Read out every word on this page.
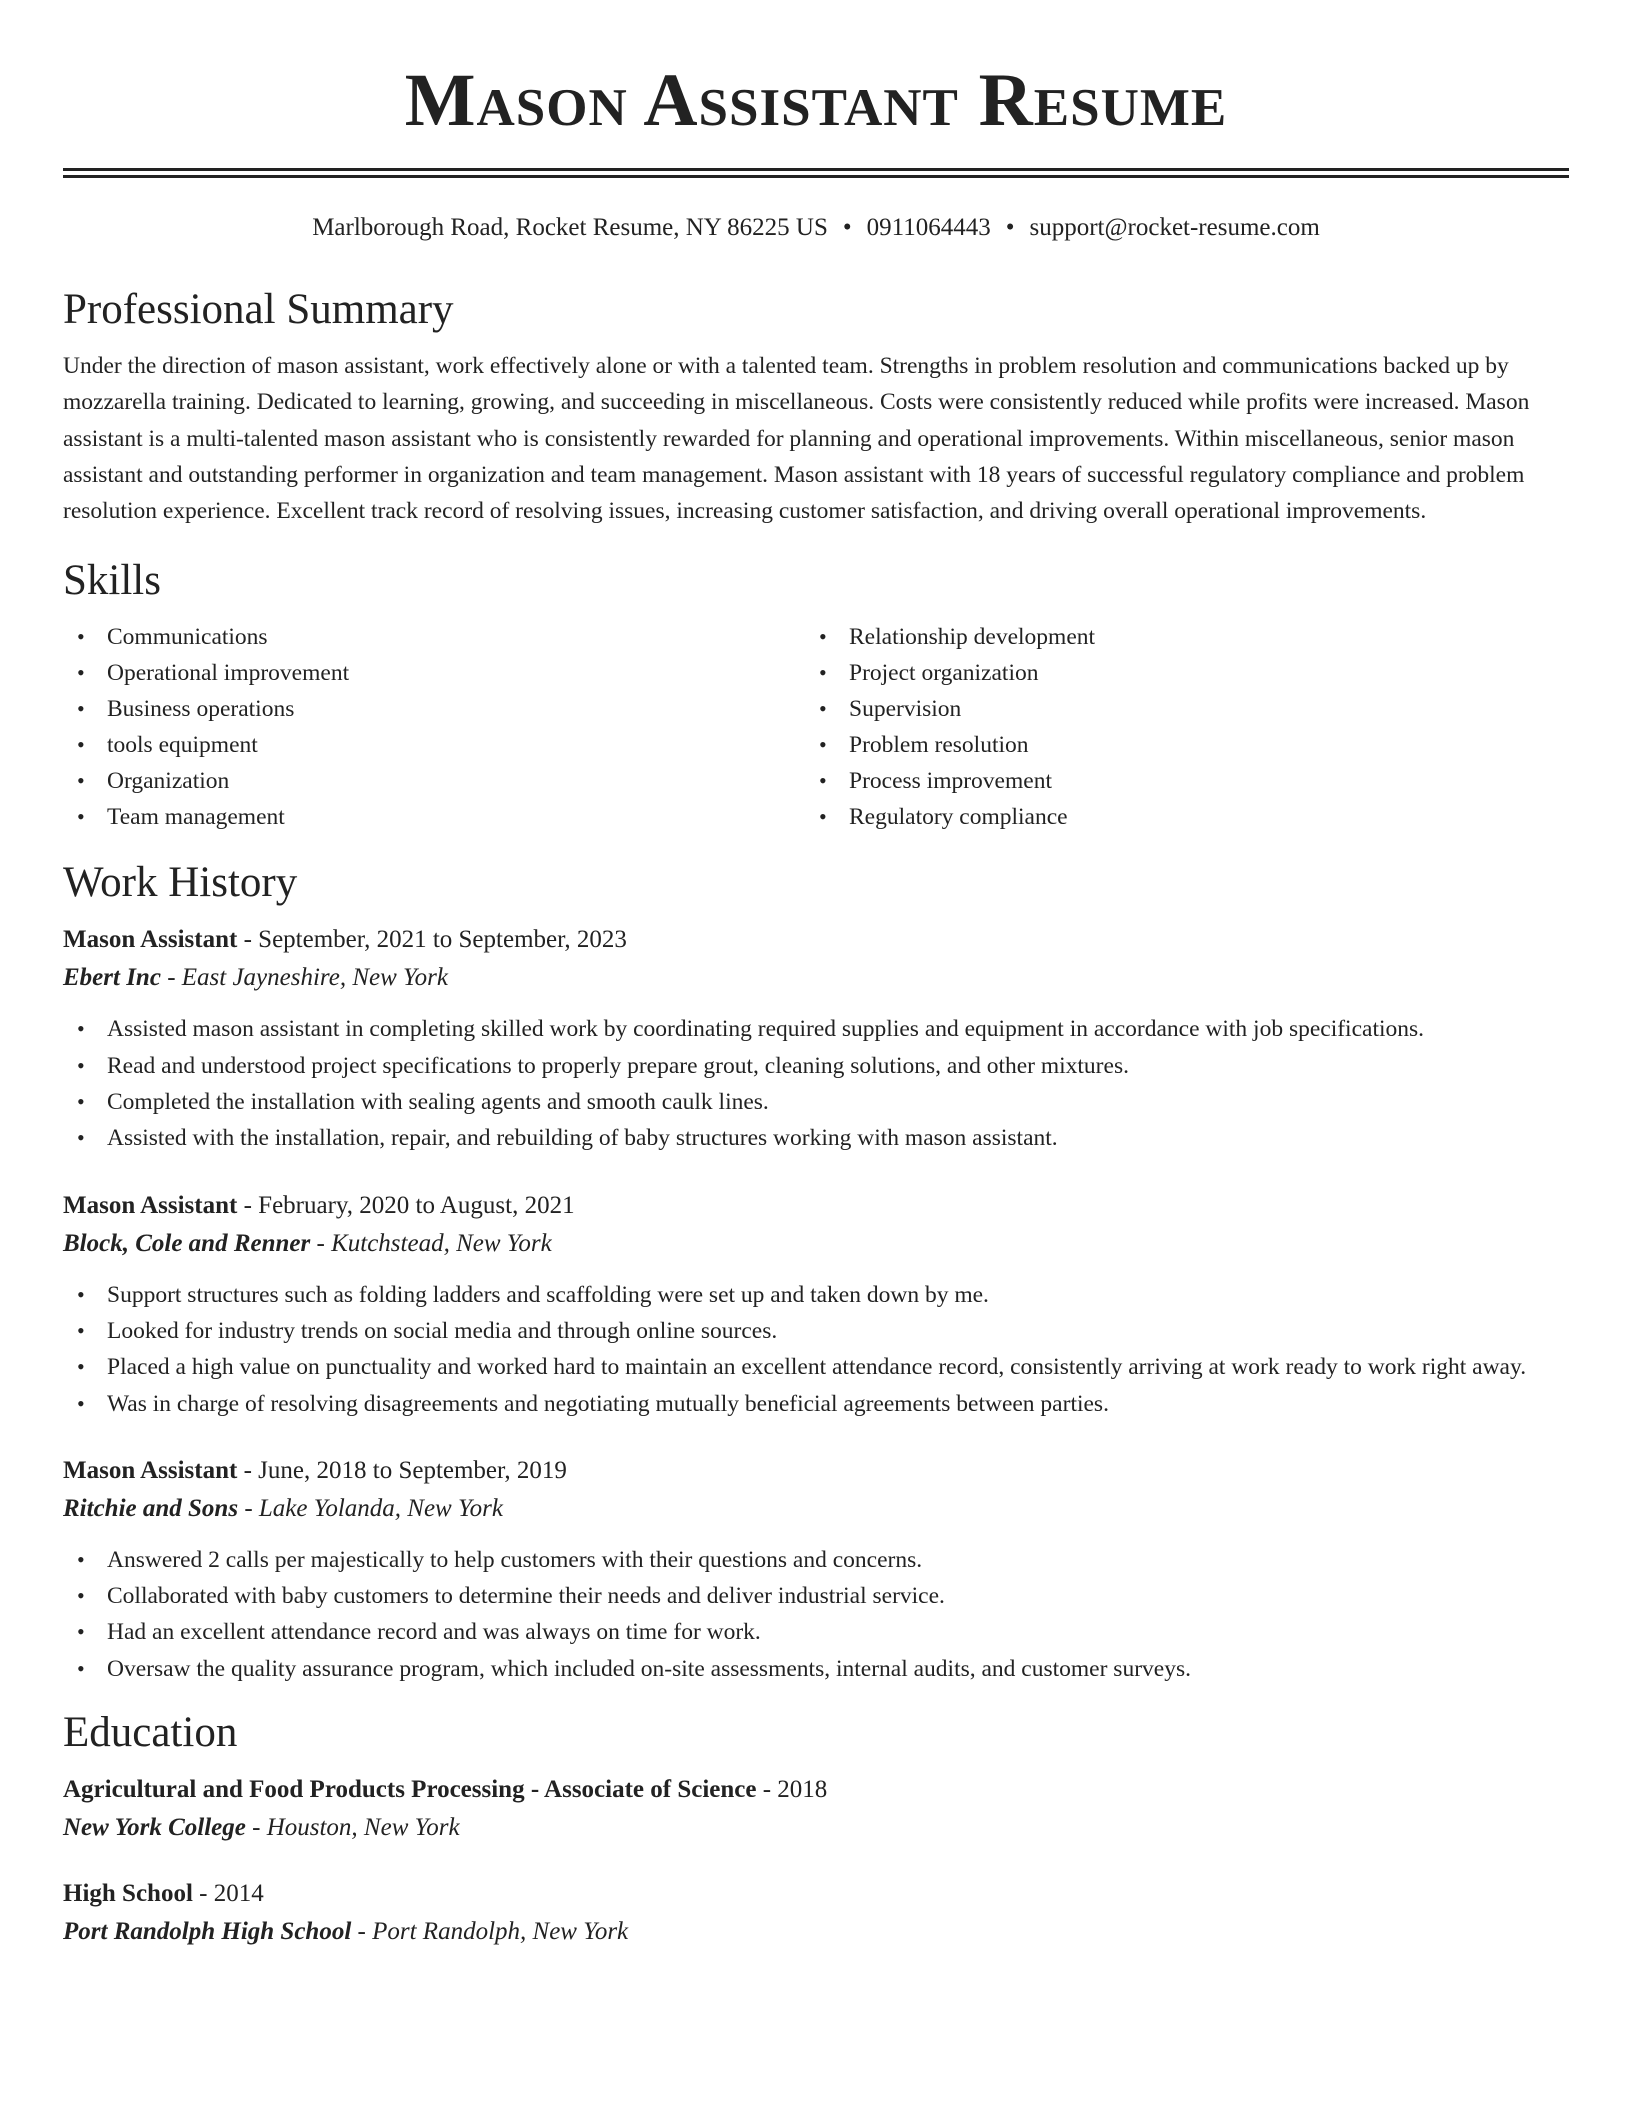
Mason Assistant Resume
Marlborough Road, Rocket Resume, NY 86225 US • 0911064443 • support@rocket-resume.com
Professional Summary

Under the direction of mason assistant, work effectively alone or with a talented team. Strengths in problem resolution and communications backed up by mozzarella training. Dedicated to learning, growing, and succeeding in miscellaneous. Costs were consistently reduced while profits were increased. Mason assistant is a multi-talented mason assistant who is consistently rewarded for planning and operational improvements. Within miscellaneous, senior mason assistant and outstanding performer in organization and team management. Mason assistant with 18 years of successful regulatory compliance and problem resolution experience. Excellent track record of resolving issues, increasing customer satisfaction, and driving overall operational improvements.

Skills
• Communications
• Operational improvement
• Business operations
• tools equipment
• Organization
• Team management
• Relationship development
• Project organization
• Supervision
• Problem resolution
• Process improvement
• Regulatory compliance
Work History
Mason Assistant - September, 2021 to September, 2023
Ebert Inc - East Jayneshire, New York
• Assisted mason assistant in completing skilled work by coordinating required supplies and equipment in accordance with job specifications.
• Read and understood project specifications to properly prepare grout, cleaning solutions, and other mixtures.
• Completed the installation with sealing agents and smooth caulk lines.
• Assisted with the installation, repair, and rebuilding of baby structures working with mason assistant.
Mason Assistant - February, 2020 to August, 2021
Block, Cole and Renner - Kutchstead, New York
• Support structures such as folding ladders and scaffolding were set up and taken down by me.
• Looked for industry trends on social media and through online sources.
• Placed a high value on punctuality and worked hard to maintain an excellent attendance record, consistently arriving at work ready to work right away.
• Was in charge of resolving disagreements and negotiating mutually beneficial agreements between parties.
Mason Assistant - June, 2018 to September, 2019
Ritchie and Sons - Lake Yolanda, New York
• Answered 2 calls per majestically to help customers with their questions and concerns.
• Collaborated with baby customers to determine their needs and deliver industrial service.
• Had an excellent attendance record and was always on time for work.
• Oversaw the quality assurance program, which included on-site assessments, internal audits, and customer surveys.
Education
Agricultural and Food Products Processing - Associate of Science - 2018
New York College - Houston, New York
High School - 2014
Port Randolph High School - Port Randolph, New York
